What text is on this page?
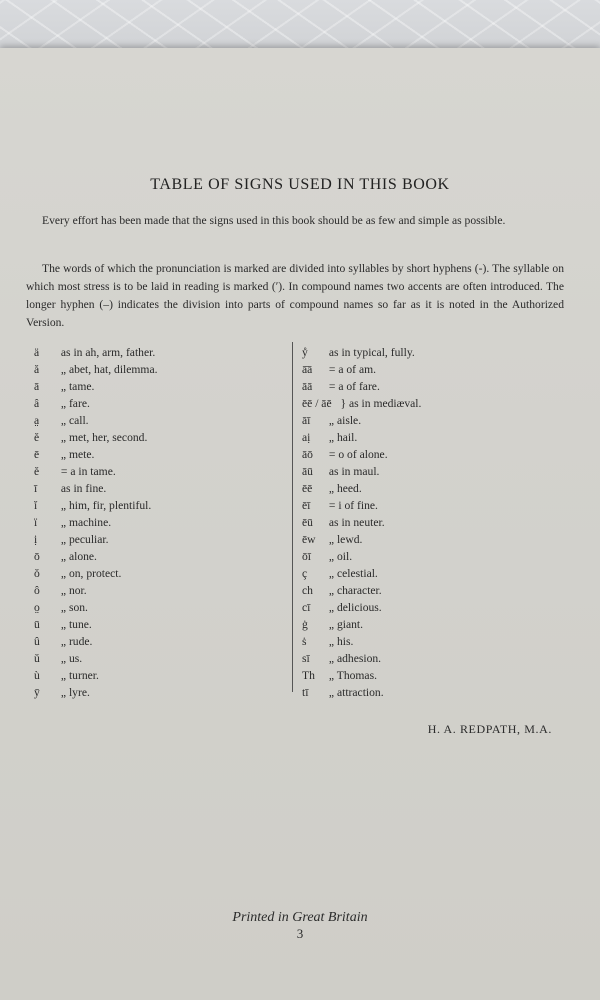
TABLE OF SIGNS USED IN THIS BOOK
Every effort has been made that the signs used in this book should be as few and simple as possible.
The words of which the pronunciation is marked are divided into syllables by short hyphens (-). The syllable on which most stress is to be laid in reading is marked (ʹ). In compound names two accents are often introduced. The longer hyphen (–) indicates the division into parts of compound names so far as it is noted in the Authorized Version.
ä as in ah, arm, father.
ă „ abet, hat, dilemma.
ā „ tame.
â „ fare.
a̤ „ call.
ĕ „ met, her, second.
ē „ mete.
ĕ = a in tame.
ī as in fine.
ĭ „ him, fir, plentiful.
ï „ machine.
ị „ peculiar.
ō „ alone.
ŏ „ on, protect.
ô „ nor.
o̤ „ son.
ū „ tune.
û „ rude.
ŭ „ us.
ù „ turner.
ȳ „ lyre.
ẙ as in typical, fully.
ā̄ā = a of am.
āā = a of fare.
ēē / āē } as in mediæval.
āī „ aisle.
aị „ hail.
āō = o of alone.
āū as in maul.
ēē „ heed.
ēī = i of fine.
ēū as in neuter.
ēw „ lewd.
ōī „ oil.
ç „ celestial.
ch „ character.
cī „ delicious.
ġ „ giant.
ṡ „ his.
sī „ adhesion.
Th „ Thomas.
tī „ attraction.
H. A. REDPATH, M.A.
Printed in Great Britain
3
